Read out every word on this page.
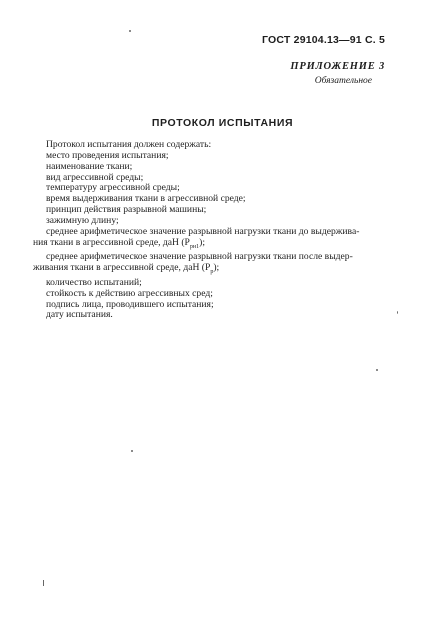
ГОСТ 29104.13—91 С. 5
ПРИЛОЖЕНИЕ 3
Обязательное
ПРОТОКОЛ ИСПЫТАНИЯ
Протокол испытания должен содержать:
место проведения испытания;
наименование ткани;
вид агрессивной среды;
температуру агрессивной среды;
время выдерживания ткани в агрессивной среде;
принцип действия разрывной машины;
зажимную длину;
среднее арифметическое значение разрывной нагрузки ткани до выдержива-
ния ткани в агрессивной среде, даН $(P_{рн1})$;
среднее арифметическое значение разрывной нагрузки ткани после выдер-
живания ткани в агрессивной среде, даН $(P_р)$;
количество испытаний;
стойкость к действию агрессивных сред;
подпись лица, проводившего испытания;
дату испытания.
